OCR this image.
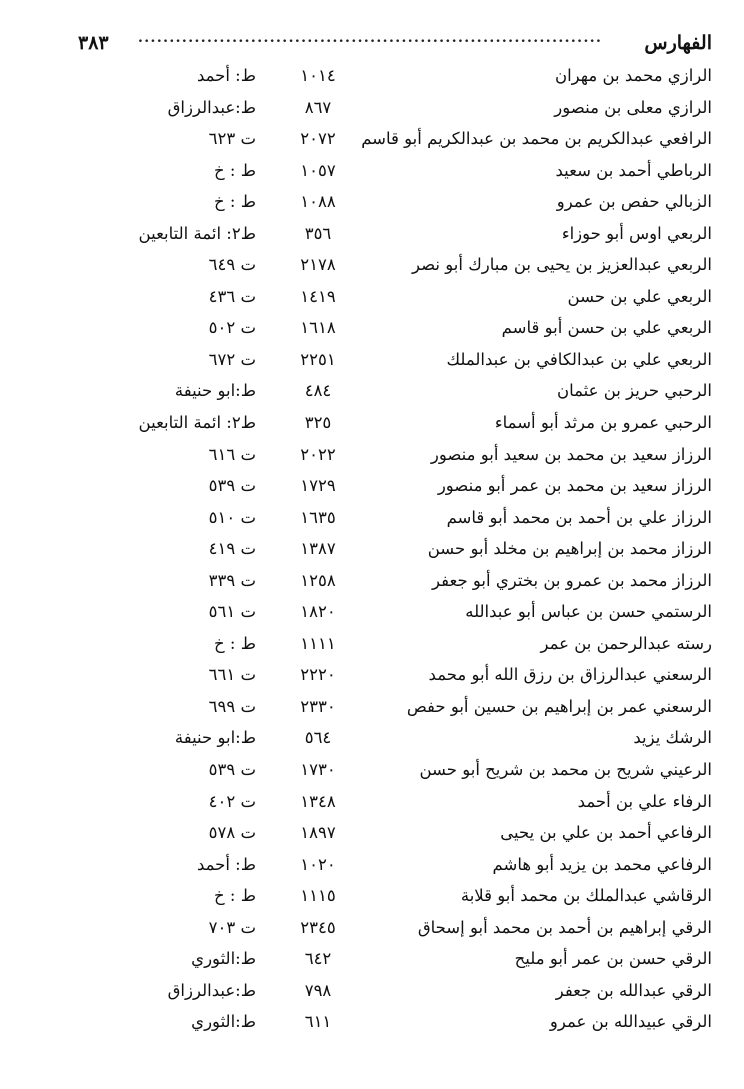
الفهارس
..........................................................................
٣٨٣
الرازي محمد بن مهران
١٠١٤
ط: أحمد
الرازي معلى بن منصور
٨٦٧
ط:عبدالرزاق
الرافعي عبدالكريم بن محمد بن عبدالكريم أبو قاسم
٢٠٧٢
ت ٦٢٣
الرباطي أحمد بن سعيد
١٠٥٧
ط : خ
الزبالي حفص بن عمرو
١٠٨٨
ط : خ
الربعي اوس أبو حوزاء
٣٥٦
ط٢: ائمة التابعين
الربعي عبدالعزيز بن يحيى بن مبارك أبو نصر
٢١٧٨
ت ٦٤٩
الربعي علي بن حسن
١٤١٩
ت ٤٣٦
الربعي علي بن حسن أبو قاسم
١٦١٨
ت ٥٠٢
الربعي علي بن عبدالكافي بن عبدالملك
٢٢٥١
ت ٦٧٢
الرحبي حريز بن عثمان
٤٨٤
ط:ابو حنيفة
الرحبي عمرو بن مرثد أبو أسماء
٣٢٥
ط٢: ائمة التابعين
الرزاز سعيد بن محمد بن سعيد أبو منصور
٢٠٢٢
ت ٦١٦
الرزاز سعيد بن محمد بن عمر أبو منصور
١٧٢٩
ت ٥٣٩
الرزاز علي بن أحمد بن محمد أبو قاسم
١٦٣٥
ت ٥١٠
الرزاز محمد بن إبراهيم بن مخلد أبو حسن
١٣٨٧
ت ٤١٩
الرزاز محمد بن عمرو بن بختري أبو جعفر
١٢٥٨
ت ٣٣٩
الرستمي حسن بن عباس أبو عبدالله
١٨٢٠
ت ٥٦١
رسته عبدالرحمن بن عمر
١١١١
ط : خ
الرسعني عبدالرزاق بن رزق الله أبو محمد
٢٢٢٠
ت ٦٦١
الرسعني عمر بن إبراهيم بن حسين أبو حفص
٢٣٣٠
ت ٦٩٩
الرشك يزيد
٥٦٤
ط:ابو حنيفة
الرعيني شريح بن محمد بن شريح أبو حسن
١٧٣٠
ت ٥٣٩
الرفاء علي بن أحمد
١٣٤٨
ت ٤٠٢
الرفاعي أحمد بن علي بن يحيى
١٨٩٧
ت ٥٧٨
الرفاعي محمد بن يزيد أبو هاشم
١٠٢٠
ط: أحمد
الرقاشي عبدالملك بن محمد أبو قلابة
١١١٥
ط : خ
الرقي إبراهيم بن أحمد بن محمد أبو إسحاق
٢٣٤٥
ت ٧٠٣
الرقي حسن بن عمر أبو مليح
٦٤٢
ط:الثوري
الرقي عبدالله بن جعفر
٧٩٨
ط:عبدالرزاق
الرقي عبيدالله بن عمرو
٦١١
ط:الثوري
